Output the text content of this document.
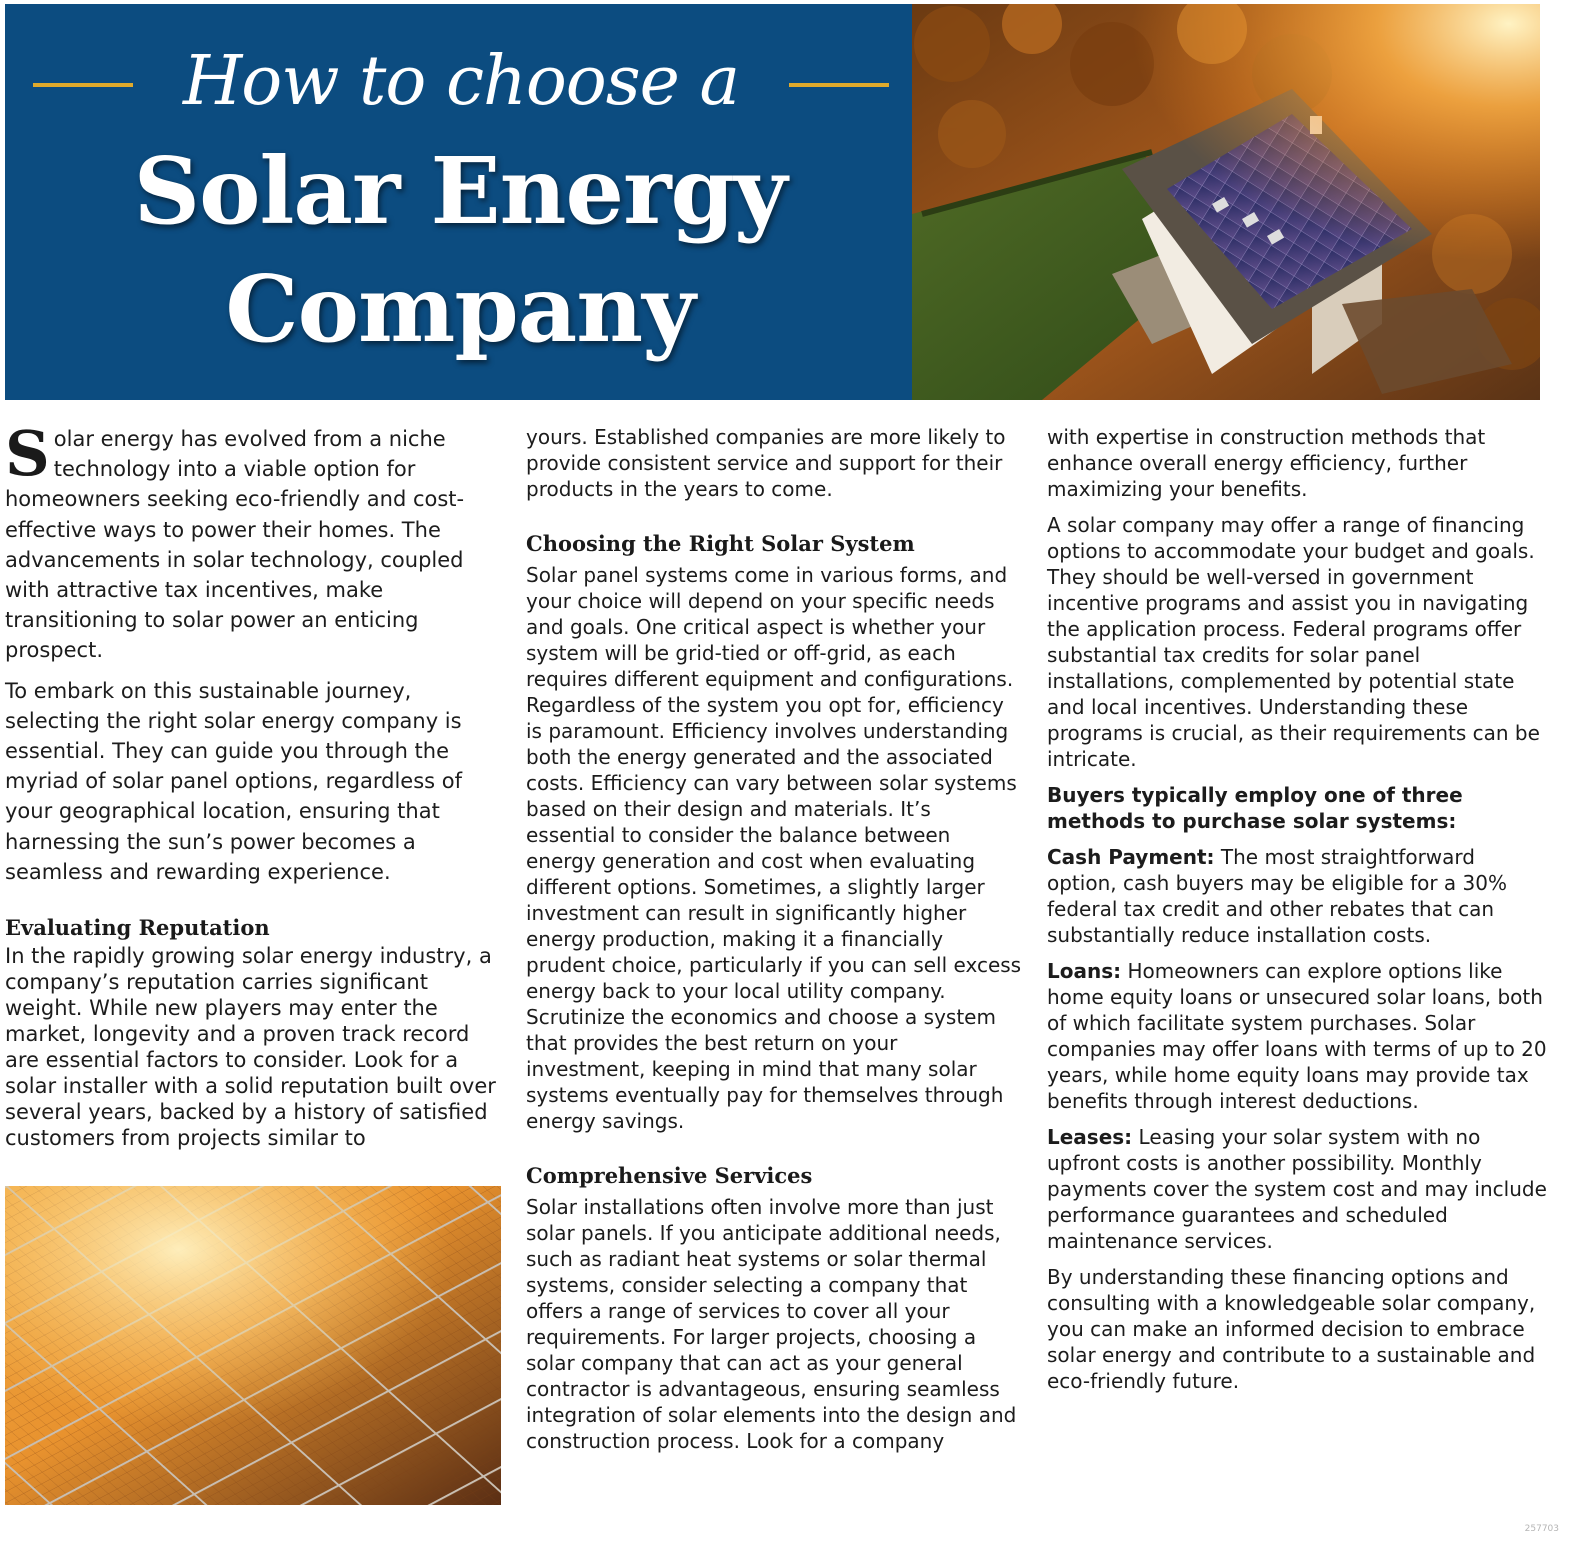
How to choose a
Solar Energy
Company

Solar energy has evolved from a niche technology into a viable option for homeowners seeking eco-friendly and cost-effective ways to power their homes. The advancements in solar technology, coupled with attractive tax incentives, make transitioning to solar power an enticing prospect.

To embark on this sustainable journey, selecting the right solar energy company is essential. They can guide you through the myriad of solar panel options, regardless of your geographical location, ensuring that harnessing the sun’s power becomes a seamless and rewarding experience.

Evaluating Reputation

In the rapidly growing solar energy industry, a company’s reputation carries significant weight. While new players may enter the market, longevity and a proven track record are essential factors to consider. Look for a solar installer with a solid reputation built over several years, backed by a history of satisfied customers from projects similar to

yours. Established companies are more likely to provide consistent service and support for their products in the years to come.

Choosing the Right Solar System

Solar panel systems come in various forms, and your choice will depend on your specific needs and goals. One critical aspect is whether your system will be grid-tied or off-grid, as each requires different equipment and configurations. Regardless of the system you opt for, efficiency is paramount. Efficiency involves understanding both the energy generated and the associated costs. Efficiency can vary between solar systems based on their design and materials. It’s essential to consider the balance between energy generation and cost when evaluating different options. Sometimes, a slightly larger investment can result in significantly higher energy production, making it a financially prudent choice, particularly if you can sell excess energy back to your local utility company. Scrutinize the economics and choose a system that provides the best return on your investment, keeping in mind that many solar systems eventually pay for themselves through energy savings.

Comprehensive Services

Solar installations often involve more than just solar panels. If you anticipate additional needs, such as radiant heat systems or solar thermal systems, consider selecting a company that offers a range of services to cover all your requirements. For larger projects, choosing a solar company that can act as your general contractor is advantageous, ensuring seamless integration of solar elements into the design and construction process. Look for a company

with expertise in construction methods that enhance overall energy efficiency, further maximizing your benefits.

A solar company may offer a range of financing options to accommodate your budget and goals. They should be well-versed in government incentive programs and assist you in navigating the application process. Federal programs offer substantial tax credits for solar panel installations, complemented by potential state and local incentives. Understanding these programs is crucial, as their requirements can be intricate.

Buyers typically employ one of three methods to purchase solar systems:

Cash Payment: The most straightforward option, cash buyers may be eligible for a 30% federal tax credit and other rebates that can substantially reduce installation costs.

Loans: Homeowners can explore options like home equity loans or unsecured solar loans, both of which facilitate system purchases. Solar companies may offer loans with terms of up to 20 years, while home equity loans may provide tax benefits through interest deductions.

Leases: Leasing your solar system with no upfront costs is another possibility. Monthly payments cover the system cost and may include performance guarantees and scheduled maintenance services.

By understanding these financing options and consulting with a knowledgeable solar company, you can make an informed decision to embrace solar energy and contribute to a sustainable and eco-friendly future.

257703
